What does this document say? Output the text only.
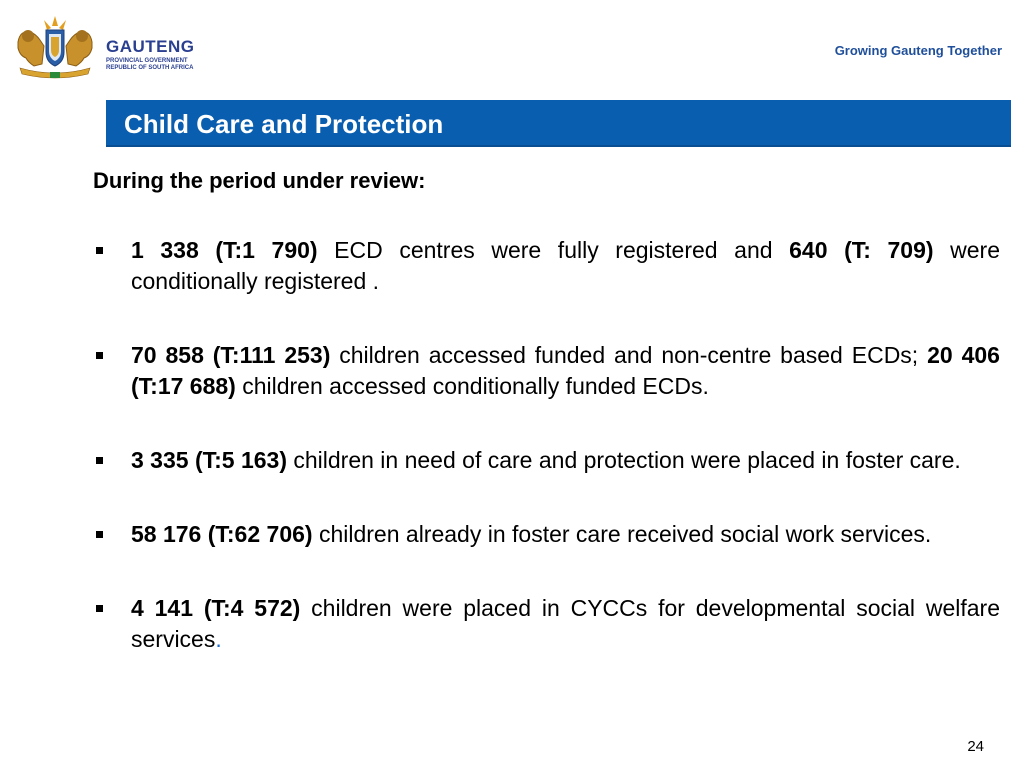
GAUTENG
PROVINCIAL GOVERNMENT
REPUBLIC OF SOUTH AFRICA
Growing Gauteng Together
Child Care and Protection
During the period under review:
1 338 (T:1 790) ECD centres were fully registered and 640 (T: 709) were conditionally registered .
70 858 (T:111 253) children accessed funded and non-centre based ECDs; 20 406 (T:17 688) children accessed conditionally funded ECDs.
3 335 (T:5 163) children in need of care and protection were placed in foster care.
58 176 (T:62 706) children already in foster care received social work services.
4 141 (T:4 572) children were placed in CYCCs for developmental social welfare services.
24
